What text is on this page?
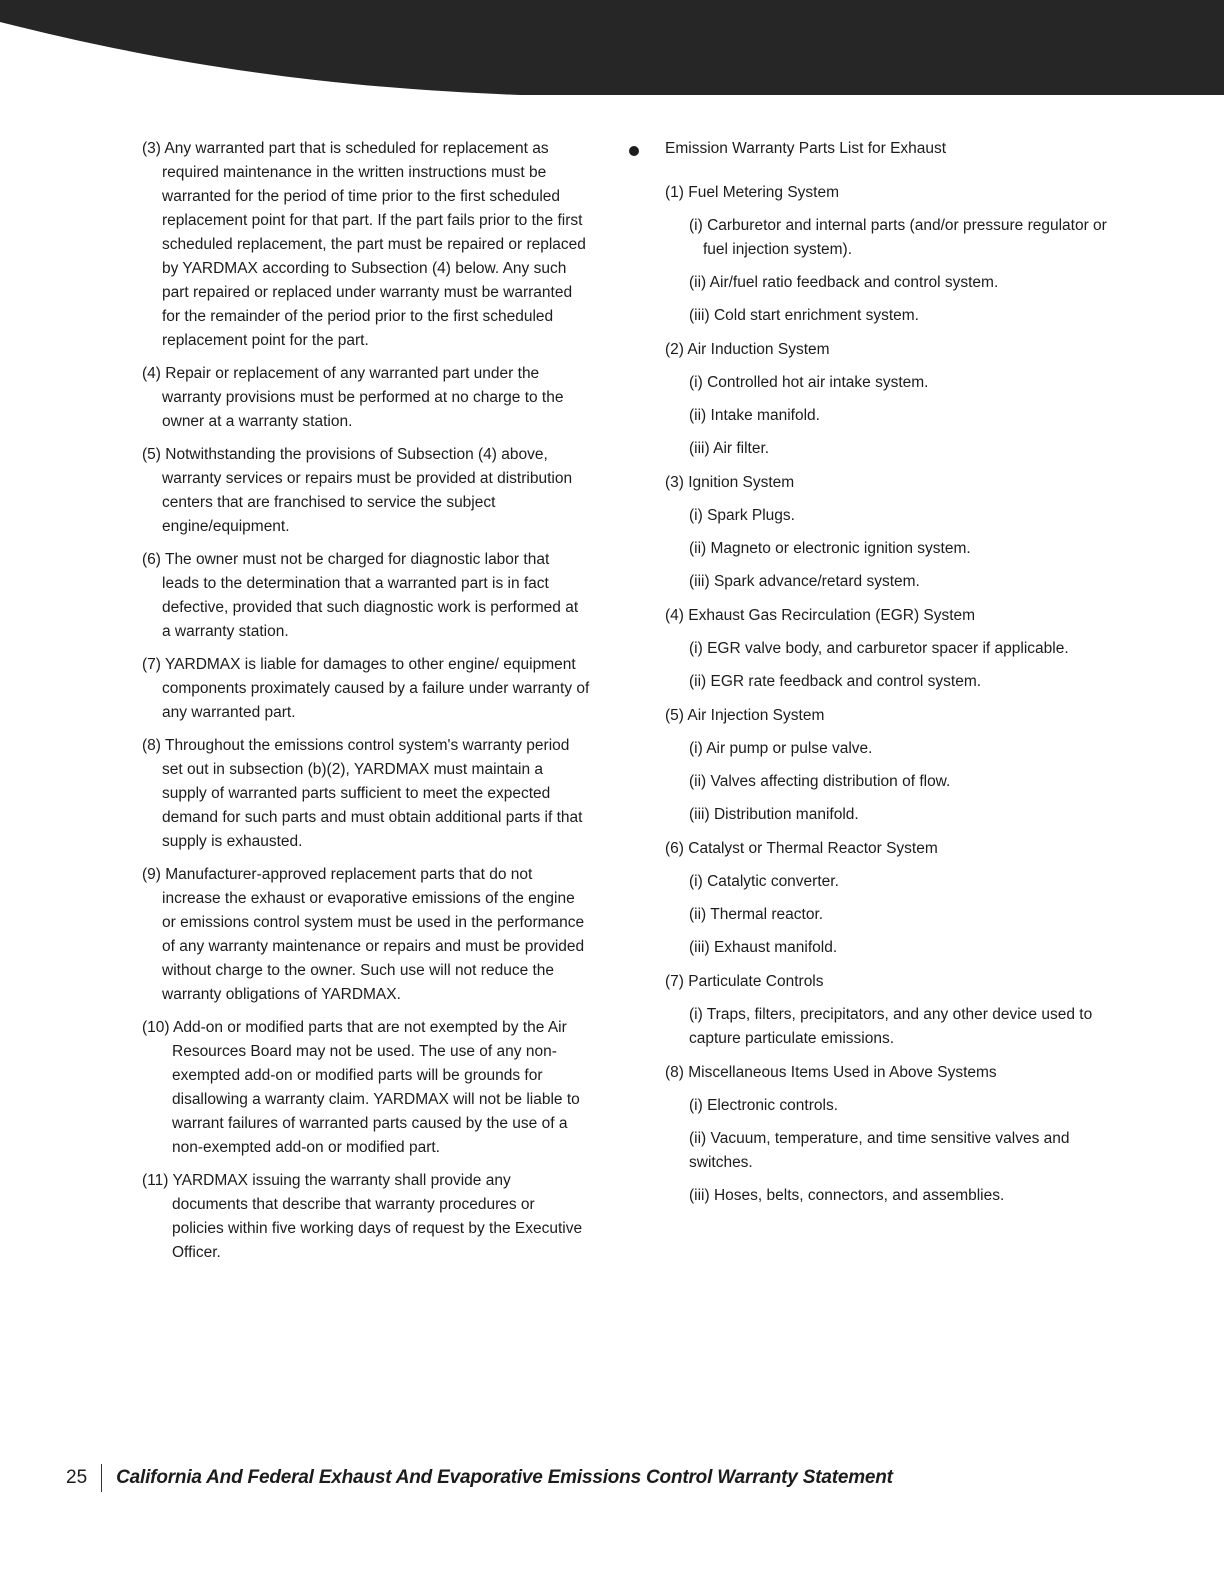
(3) Any warranted part that is scheduled for replacement as required maintenance in the written instructions must be warranted for the period of time prior to the first scheduled replacement point for that part. If the part fails prior to the first scheduled replacement, the part must be repaired or replaced by YARDMAX according to Subsection (4) below. Any such part repaired or replaced under warranty must be warranted for the remainder of the period prior to the first scheduled replacement point for the part.
(4) Repair or replacement of any warranted part under the warranty provisions must be performed at no charge to the owner at a warranty station.
(5) Notwithstanding the provisions of Subsection (4) above, warranty services or repairs must be provided at distribution centers that are franchised to service the subject engine/equipment.
(6) The owner must not be charged for diagnostic labor that leads to the determination that a warranted part is in fact defective, provided that such diagnostic work is performed at a warranty station.
(7) YARDMAX is liable for damages to other engine/ equipment components proximately caused by a failure under warranty of any warranted part.
(8) Throughout the emissions control system's warranty period set out in subsection (b)(2), YARDMAX must maintain a supply of warranted parts sufficient to meet the expected demand for such parts and must obtain additional parts if that supply is exhausted.
(9) Manufacturer-approved replacement parts that do not increase the exhaust or evaporative emissions of the engine or emissions control system must be used in the performance of any warranty maintenance or repairs and must be provided without charge to the owner. Such use will not reduce the warranty obligations of YARDMAX.
(10) Add-on or modified parts that are not exempted by the Air Resources Board may not be used. The use of any non-exempted add-on or modified parts will be grounds for disallowing a warranty claim. YARDMAX will not be liable to warrant failures of warranted parts caused by the use of a non-exempted add-on or modified part.
(11) YARDMAX issuing the warranty shall provide any documents that describe that warranty procedures or policies within five working days of request by the Executive Officer.
Emission Warranty Parts List for Exhaust
(1) Fuel Metering System
(i) Carburetor and internal parts (and/or pressure regulator or fuel injection system).
(ii) Air/fuel ratio feedback and control system.
(iii) Cold start enrichment system.
(2) Air Induction System
(i) Controlled hot air intake system.
(ii) Intake manifold.
(iii) Air filter.
(3) Ignition System
(i) Spark Plugs.
(ii) Magneto or electronic ignition system.
(iii) Spark advance/retard system.
(4) Exhaust Gas Recirculation (EGR) System
(i) EGR valve body, and carburetor spacer if applicable.
(ii) EGR rate feedback and control system.
(5) Air Injection System
(i) Air pump or pulse valve.
(ii) Valves affecting distribution of flow.
(iii) Distribution manifold.
(6) Catalyst or Thermal Reactor System
(i) Catalytic converter.
(ii) Thermal reactor.
(iii) Exhaust manifold.
(7) Particulate Controls
(i) Traps, filters, precipitators, and any other device used to capture particulate emissions.
(8) Miscellaneous Items Used in Above Systems
(i) Electronic controls.
(ii) Vacuum, temperature, and time sensitive valves and switches.
(iii) Hoses, belts, connectors, and assemblies.
25 California And Federal Exhaust And Evaporative Emissions Control Warranty Statement
